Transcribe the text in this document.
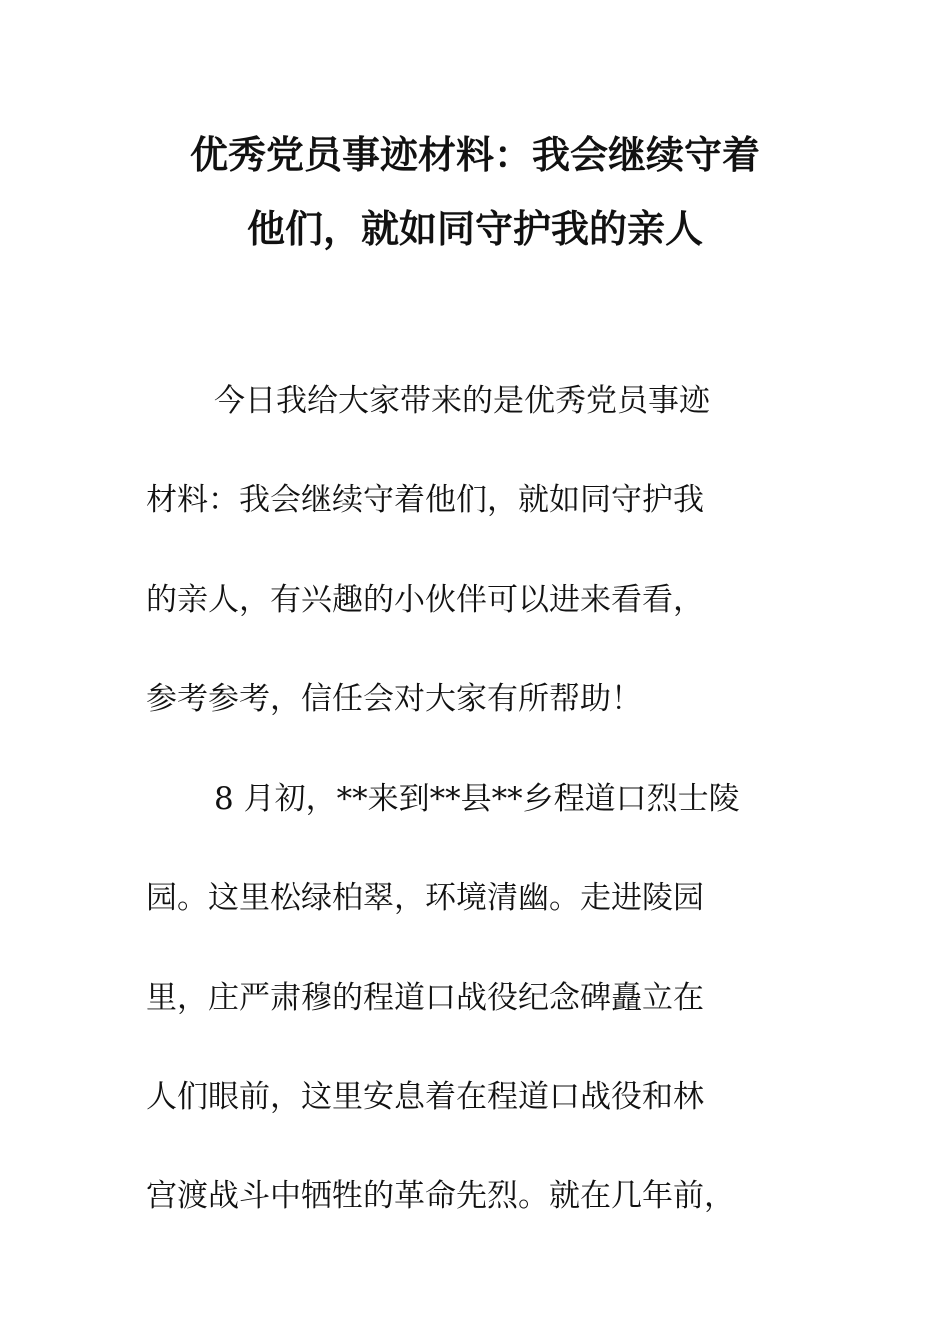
优秀党员事迹材料：我会继续守着
他们，就如同守护我的亲人
今日我给大家带来的是优秀党员事迹
材料：我会继续守着他们，就如同守护我
的亲人，有兴趣的小伙伴可以进来看看，
参考参考，信任会对大家有所帮助！
8 月初，**来到**县**乡程道口烈士陵
园。这里松绿柏翠，环境清幽。走进陵园
里，庄严肃穆的程道口战役纪念碑矗立在
人们眼前，这里安息着在程道口战役和林
宫渡战斗中牺牲的革命先烈。就在几年前，
